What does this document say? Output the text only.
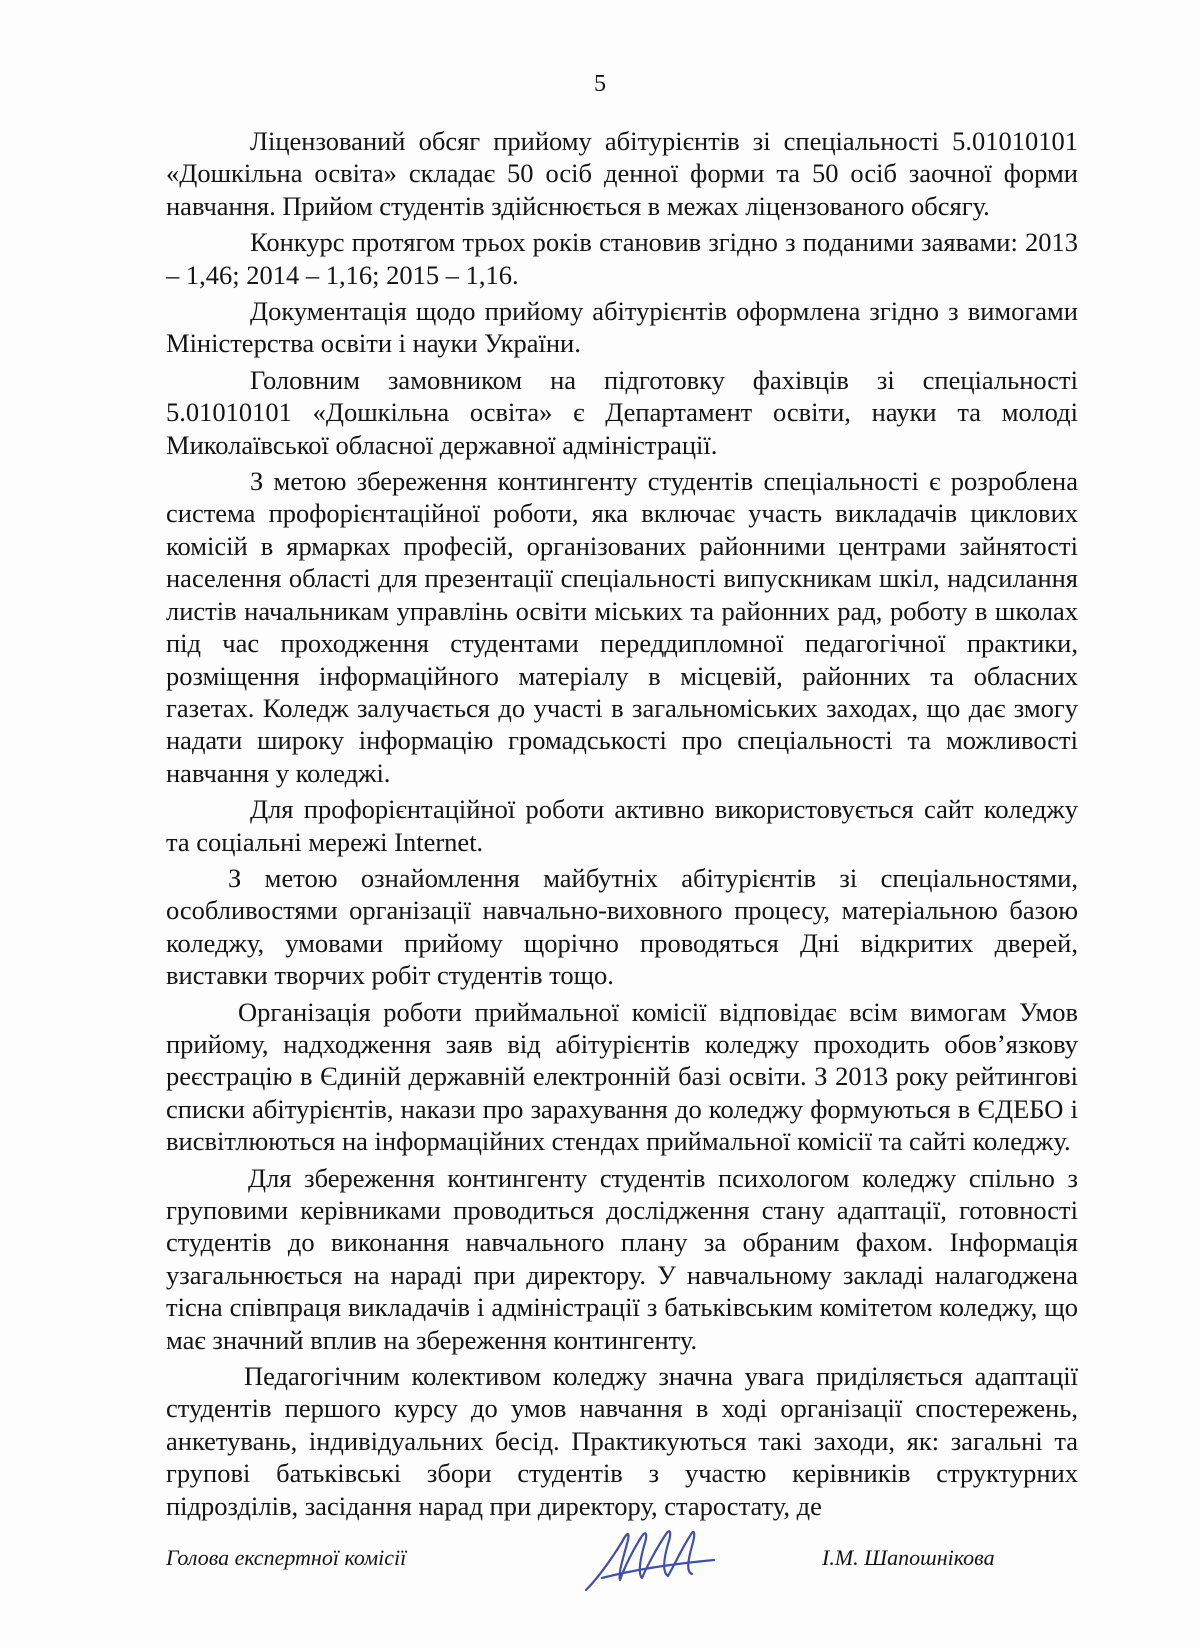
5

Ліцензований обсяг прийому абітурієнтів зі спеціальності 5.01010101 «Дошкільна освіта» складає 50 осіб денної форми та 50 осіб заочної форми навчання. Прийом студентів здійснюється в межах ліцензованого обсягу.

Конкурс протягом трьох років становив згідно з поданими заявами: 2013 – 1,46; 2014 – 1,16; 2015 – 1,16.

Документація щодо прийому абітурієнтів оформлена згідно з вимогами Міністерства освіти і науки України.

Головним замовником на підготовку фахівців зі спеціальності 5.01010101 «Дошкільна освіта» є Департамент освіти, науки та молоді Миколаївської обласної державної адміністрації.

З метою збереження контингенту студентів спеціальності є розроблена система профорієнтаційної роботи, яка включає участь викладачів циклових комісій в ярмарках професій, організованих районними центрами зайнятості населення області для презентації спеціальності випускникам шкіл, надсилання листів начальникам управлінь освіти міських та районних рад, роботу в школах під час проходження студентами переддипломної педагогічної практики, розміщення інформаційного матеріалу в місцевій, районних та обласних газетах. Коледж залучається до участі в загальноміських заходах, що дає змогу надати широку інформацію громадськості про спеціальності та можливості навчання у коледжі.

Для профорієнтаційної роботи активно використовується сайт коледжу та соціальні мережі Internet.

З метою ознайомлення майбутніх абітурієнтів зі спеціальностями, особливостями організації навчально-виховного процесу, матеріальною базою коледжу, умовами прийому щорічно проводяться Дні відкритих дверей, виставки творчих робіт студентів тощо.

Організація роботи приймальної комісії відповідає всім вимогам Умов прийому, надходження заяв від абітурієнтів коледжу проходить обов’язкову реєстрацію в Єдиній державній електронній базі освіти. З 2013 року рейтингові списки абітурієнтів, накази про зарахування до коледжу формуються в ЄДЕБО і висвітлюються на інформаційних стендах приймальної комісії та сайті коледжу.

Для збереження контингенту студентів психологом коледжу спільно з груповими керівниками проводиться дослідження стану адаптації, готовності студентів до виконання навчального плану за обраним фахом. Інформація узагальнюється на нараді при директору. У навчальному закладі налагоджена тісна співпраця викладачів і адміністрації з батьківським комітетом коледжу, що має значний вплив на збереження контингенту.

Педагогічним колективом коледжу значна увага приділяється адаптації студентів першого курсу до умов навчання в ході організації спостережень, анкетувань, індивідуальних бесід. Практикуються такі заходи, як: загальні та групові батьківські збори студентів з участю керівників структурних підрозділів, засідання нарад при директору, старостату, де

Голова експертної комісії	І.М. Шапошнікова
